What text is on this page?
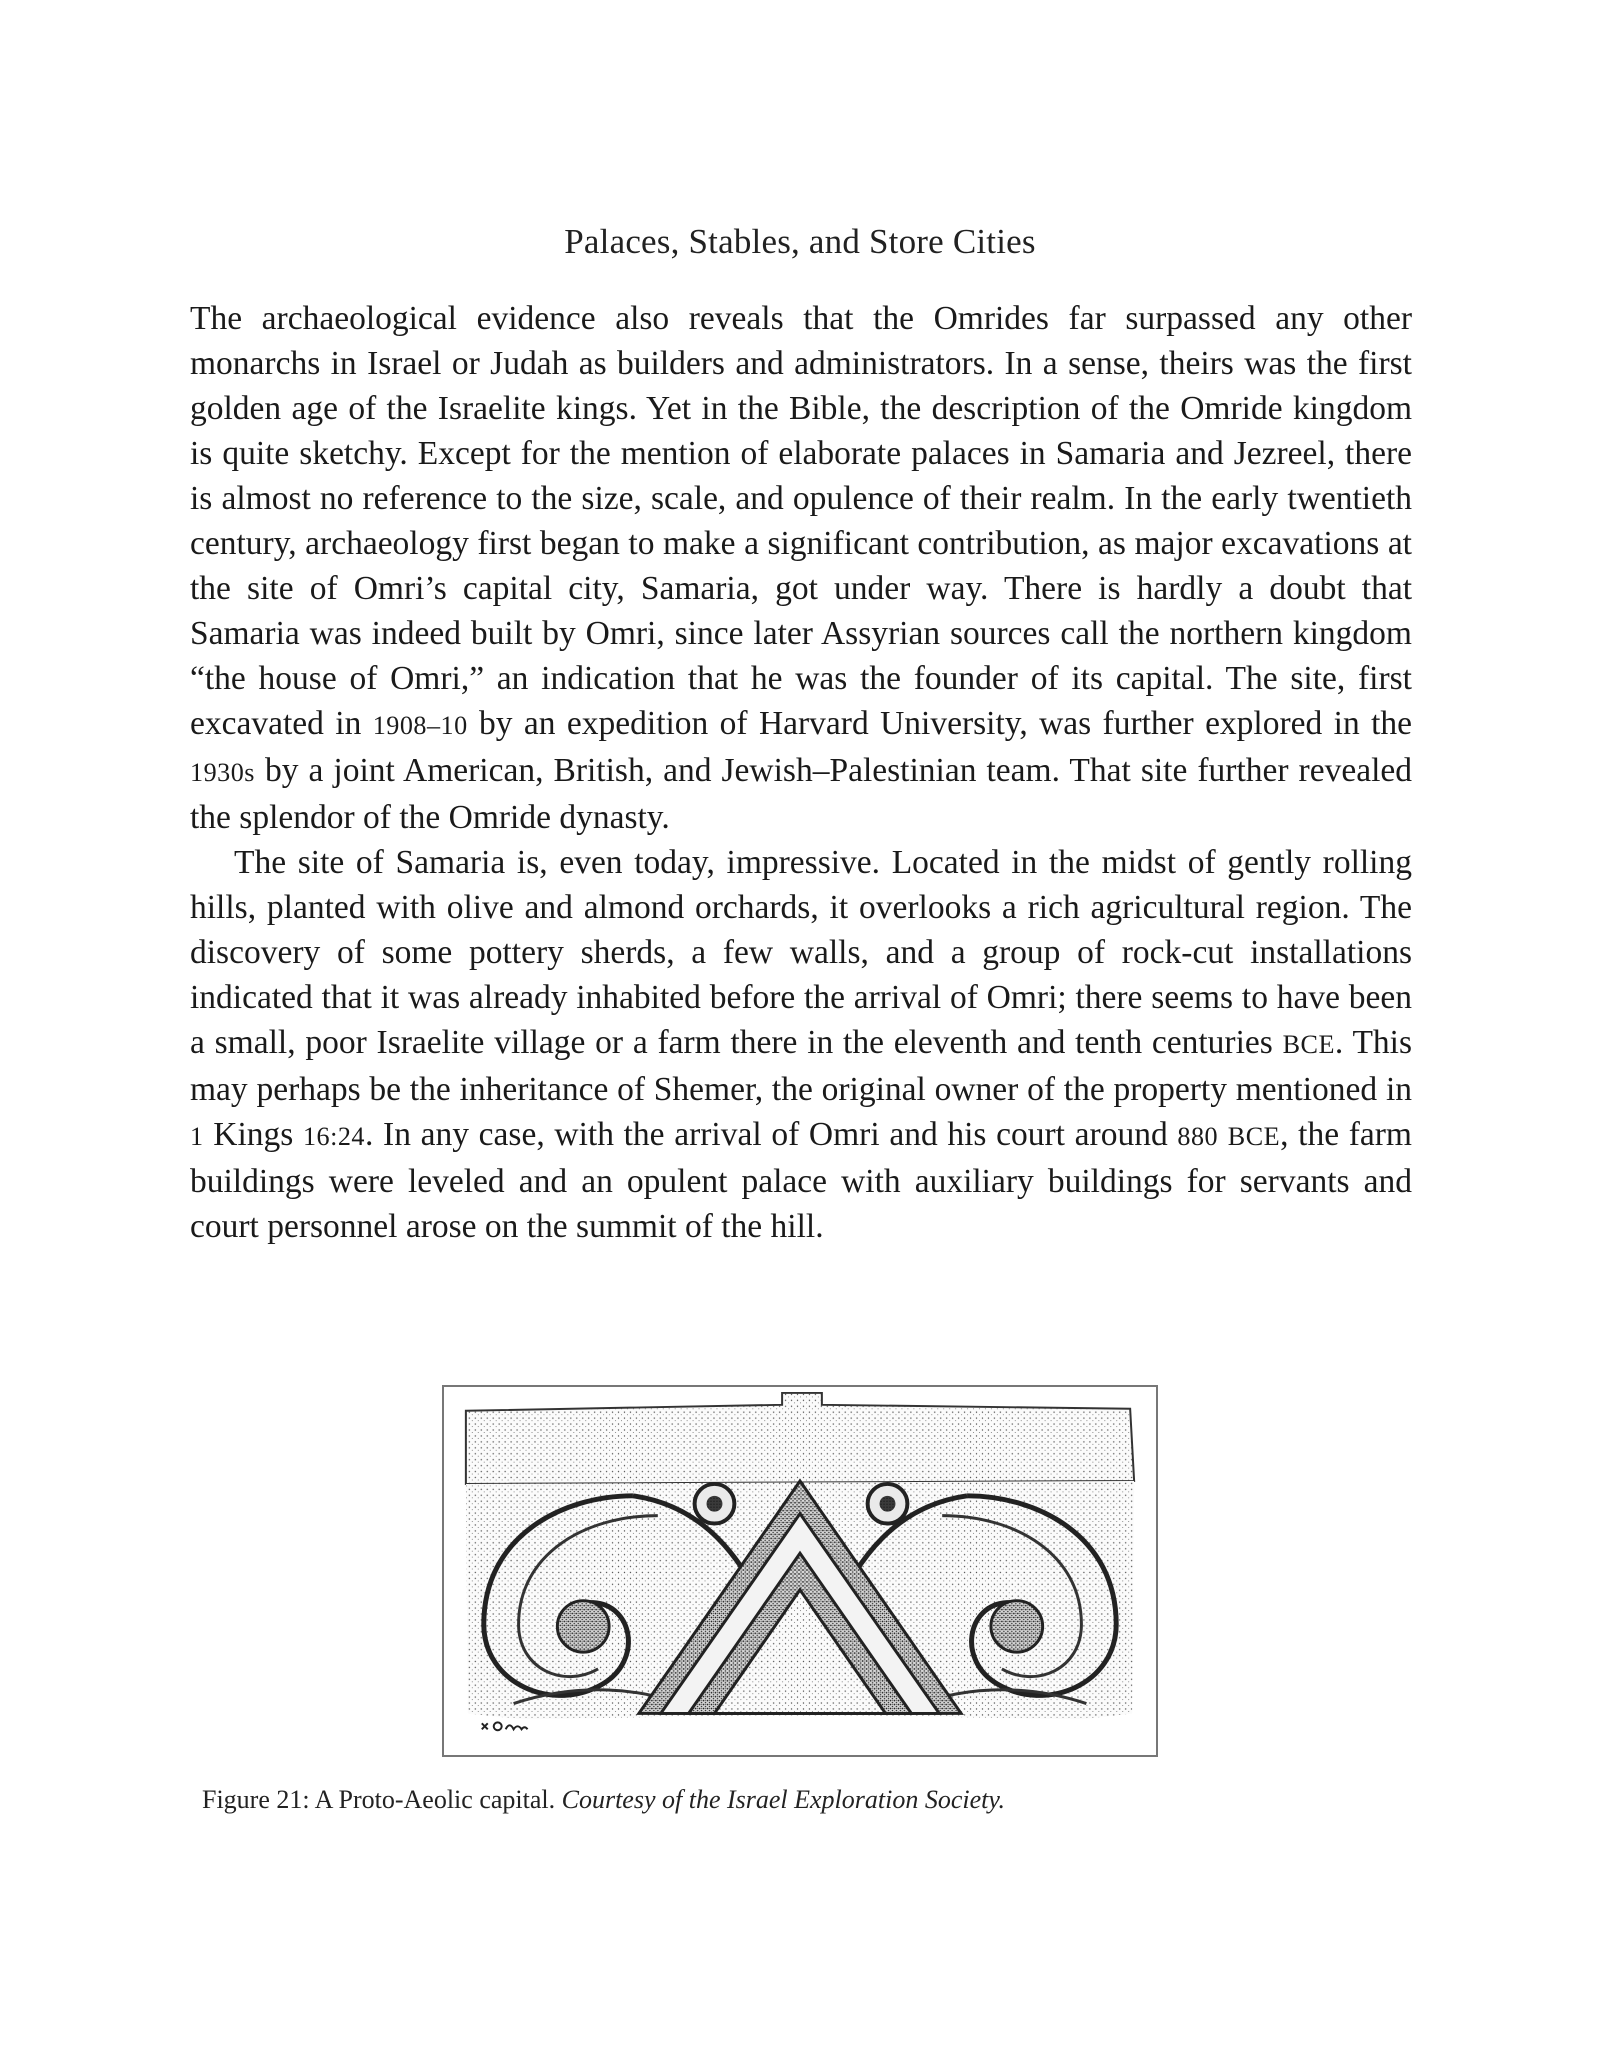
Palaces, Stables, and Store Cities

The archaeological evidence also reveals that the Omrides far surpassed any other monarchs in Israel or Judah as builders and administrators. In a sense, theirs was the first golden age of the Israelite kings. Yet in the Bible, the description of the Omride kingdom is quite sketchy. Except for the mention of elaborate palaces in Samaria and Jezreel, there is almost no reference to the size, scale, and opulence of their realm. In the early twentieth century, archaeology first began to make a significant contribution, as major excavations at the site of Omri’s capital city, Samaria, got under way. There is hardly a doubt that Samaria was indeed built by Omri, since later Assyrian sources call the northern kingdom “the house of Omri,” an indication that he was the founder of its capital. The site, first excavated in 1908–10 by an expedition of Harvard University, was further explored in the 1930s by a joint American, British, and Jewish–Palestinian team. That site further revealed the splendor of the Omride dynasty.

The site of Samaria is, even today, impressive. Located in the midst of gently rolling hills, planted with olive and almond orchards, it overlooks a rich agricultural region. The discovery of some pottery sherds, a few walls, and a group of rock-cut installations indicated that it was already inhabited before the arrival of Omri; there seems to have been a small, poor Israelite village or a farm there in the eleventh and tenth centuries BCE. This may perhaps be the inheritance of Shemer, the original owner of the property mentioned in 1 Kings 16:24. In any case, with the arrival of Omri and his court around 880 BCE, the farm buildings were leveled and an opulent palace with auxiliary buildings for servants and court personnel arose on the summit of the hill.

Figure 21: A Proto-Aeolic capital. Courtesy of the Israel Exploration Society.
